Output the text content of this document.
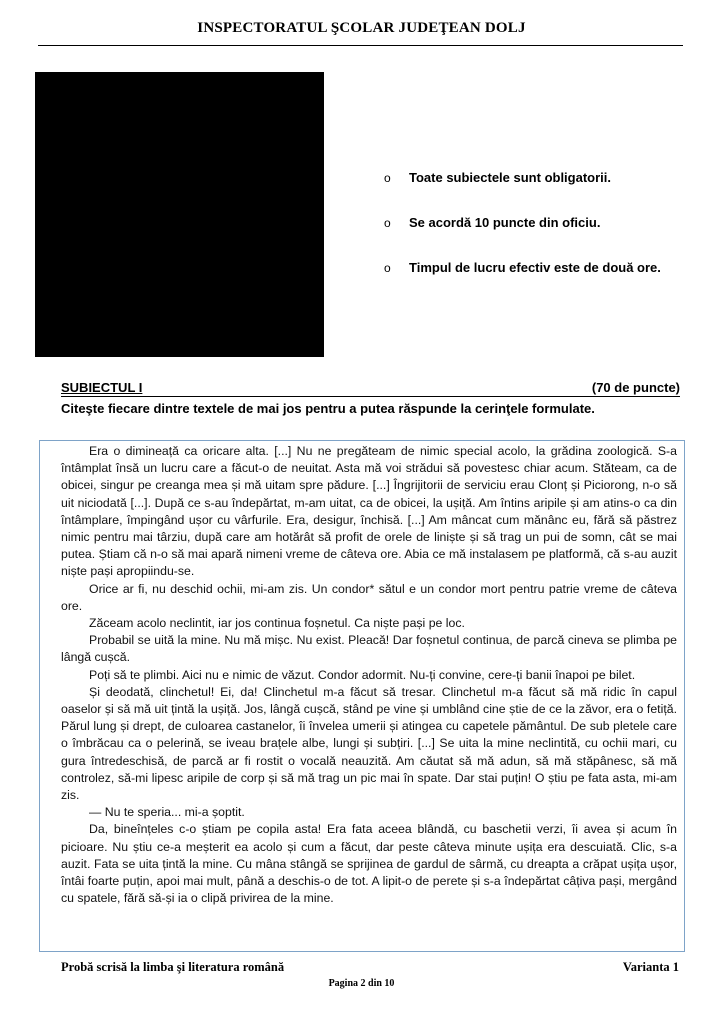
INSPECTORATUL ŞCOLAR JUDEŢEAN DOLJ
o Toate subiectele sunt obligatorii.
o Se acordă 10 puncte din oficiu.
o Timpul de lucru efectiv este de două ore.
SUBIECTUL I	(70 de puncte)
Citeşte fiecare dintre textele de mai jos pentru a putea răspunde la cerinţele formulate.

Era o dimineață ca oricare alta. [...] Nu ne pregăteam de nimic special acolo, la grădina zoologică. S-a întâmplat însă un lucru care a făcut-o de neuitat. Asta mă voi strădui să povestesc chiar acum. Stăteam, ca de obicei, singur pe creanga mea și mă uitam spre pădure. [...] Îngrijitorii de serviciu erau Clonț și Piciorong, n-o să uit niciodată [...]. După ce s-au îndepărtat, m-am uitat, ca de obicei, la ușiță. Am întins aripile și am atins-o ca din întâmplare, împingând ușor cu vârfurile. Era, desigur, închisă. [...] Am mâncat cum mănânc eu, fără să păstrez nimic pentru mai târziu, după care am hotărât să profit de orele de liniște și să trag un pui de somn, cât se mai putea. Știam că n-o să mai apară nimeni vreme de câteva ore. Abia ce mă instalasem pe platformă, că s-au auzit niște pași apropiindu-se.

Orice ar fi, nu deschid ochii, mi-am zis. Un condor* sătul e un condor mort pentru patrie vreme de câteva ore.

Zăceam acolo neclintit, iar jos continua foșnetul. Ca niște pași pe loc.

Probabil se uită la mine. Nu mă mișc. Nu exist. Pleacă! Dar foșnetul continua, de parcă cineva se plimba pe lângă cușcă.

Poți să te plimbi. Aici nu e nimic de văzut. Condor adormit. Nu-ți convine, cere-ți banii înapoi pe bilet.

Și deodată, clinchetul! Ei, da! Clinchetul m-a făcut să tresar. Clinchetul m-a făcut să mă ridic în capul oaselor și să mă uit țintă la ușiță. Jos, lângă cușcă, stând pe vine și umblând cine știe de ce la zăvor, era o fetiță. Părul lung și drept, de culoarea castanelor, îi învelea umerii și atingea cu capetele pământul. De sub pletele care o îmbrăcau ca o pelerină, se iveau brațele albe, lungi și subțiri. [...] Se uita la mine neclintită, cu ochii mari, cu gura întredeschisă, de parcă ar fi rostit o vocală neauzită. Am căutat să mă adun, să mă stăpânesc, să mă controlez, să-mi lipesc aripile de corp și să mă trag un pic mai în spate. Dar stai puțin! O știu pe fata asta, mi-am zis.

— Nu te speria... mi-a șoptit.

Da, bineînțeles c-o știam pe copila asta! Era fata aceea blândă, cu baschetii verzi, îi avea și acum în picioare. Nu știu ce-a meșterit ea acolo și cum a făcut, dar peste câteva minute ușița era descuiată. Clic, s-a auzit. Fata se uita țintă la mine. Cu mâna stângă se sprijinea de gardul de sârmă, cu dreapta a crăpat ușița ușor, întâi foarte puțin, apoi mai mult, până a deschis-o de tot. A lipit-o de perete și s-a îndepărtat câțiva pași, mergând cu spatele, fără să-și ia o clipă privirea de la mine.

Probă scrisă la limba şi literatura română	Varianta 1
Pagina 2 din 10
